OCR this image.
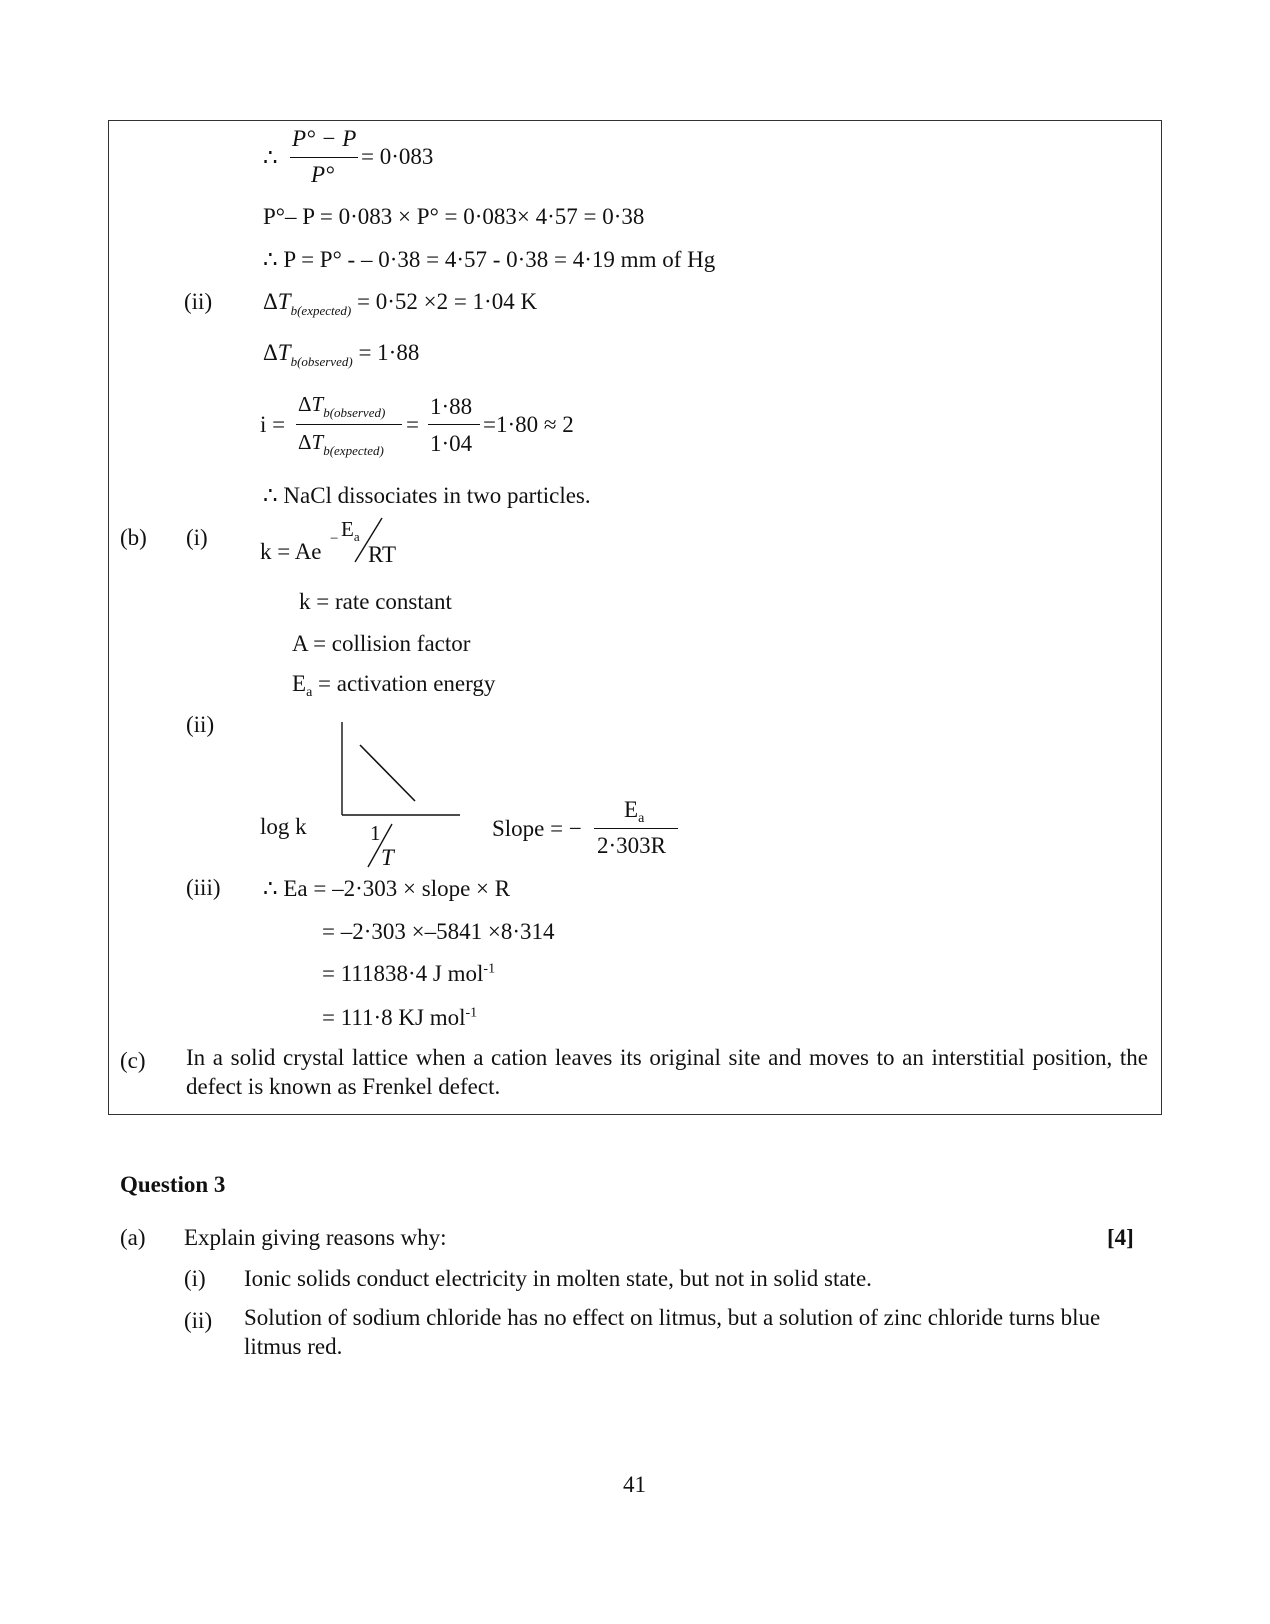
∴
P° − P
P°
= 0·083
P°– P = 0·083 × P° = 0·083× 4·57 = 0·38
∴ P = P° - – 0·38 = 4·57 - 0·38 = 4·19 mm of Hg
(ii) $\Delta T_{b(expected)} = 0\cdot 52 \times 2 = 1\cdot 04$ K
$\Delta T_{b(observed)} = 1\cdot 88$
i =
$\Delta T_{b(observed)}$
$\Delta T_{b(expected)}$
=
1·88
1·04
=1·80 ≈ 2
∴ NaCl dissociates in two particles.
(b) (i)
$k = Ae - E_a$
RT
k = rate constant
A = collision factor
$E_a$ = activation energy
(ii)
log k	1
T
Slope = −
$E_a$
2·303R
(iii) ∴ Ea = –2·303 × slope × R
= –2·303 ×–5841 ×8·314
= 111838·4 J mol$^{-1}$
= 111·8 KJ mol$^{-1}$
(c) In a solid crystal lattice when a cation leaves its original site and moves to an interstitial position, the defect is known as Frenkel defect.
Question 3
(a) Explain giving reasons why:	[4]
(i) Ionic solids conduct electricity in molten state, but not in solid state.
(ii) Solution of sodium chloride has no effect on litmus, but a solution of zinc chloride turns blue litmus red.
41
